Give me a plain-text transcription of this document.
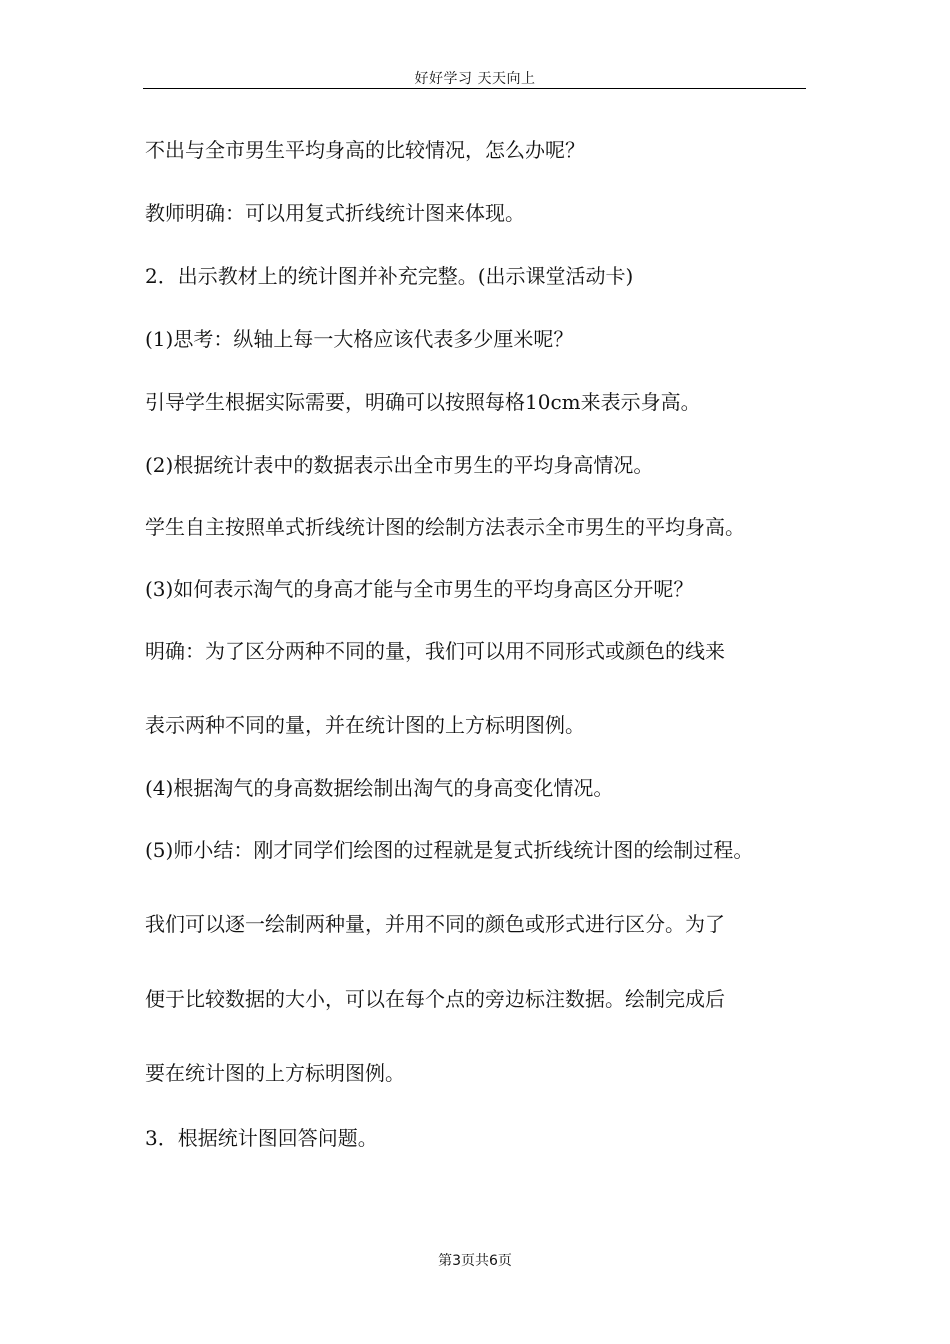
好好学习 天天向上
不出与全市男生平均身高的比较情况，怎么办呢？
教师明确：可以用复式折线统计图来体现。
2．出示教材上的统计图并补充完整。(出示课堂活动卡)
(1)思考：纵轴上每一大格应该代表多少厘米呢？
引导学生根据实际需要，明确可以按照每格10cm来表示身高。
(2)根据统计表中的数据表示出全市男生的平均身高情况。
学生自主按照单式折线统计图的绘制方法表示全市男生的平均身高。
(3)如何表示淘气的身高才能与全市男生的平均身高区分开呢？
明确：为了区分两种不同的量，我们可以用不同形式或颜色的线来
表示两种不同的量，并在统计图的上方标明图例。
(4)根据淘气的身高数据绘制出淘气的身高变化情况。
(5)师小结：刚才同学们绘图的过程就是复式折线统计图的绘制过程。
我们可以逐一绘制两种量，并用不同的颜色或形式进行区分。为了
便于比较数据的大小，可以在每个点的旁边标注数据。绘制完成后
要在统计图的上方标明图例。
3．根据统计图回答问题。
第3页共6页
